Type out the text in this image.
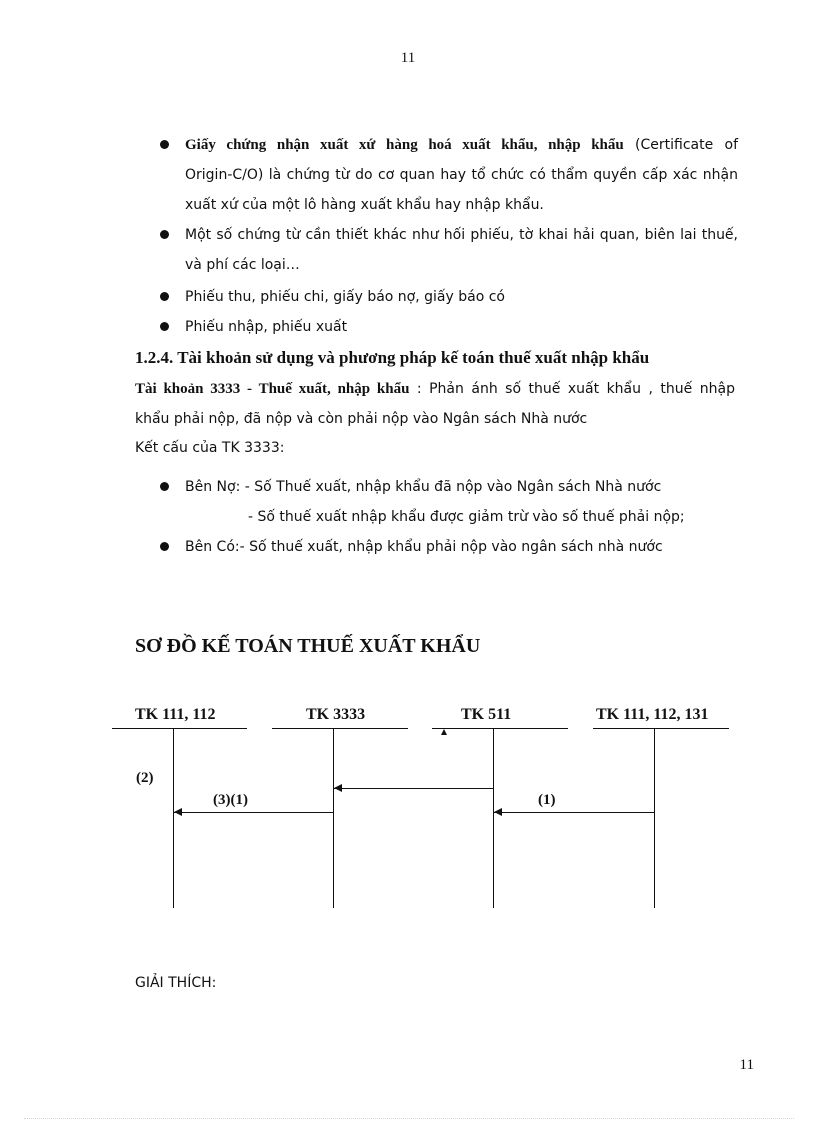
11
Giấy chứng nhận xuất xứ hàng hoá xuất khẩu, nhập khẩu (Certificate of
Origin-C/O) là chứng từ do cơ quan hay tổ chức có thẩm quyền cấp xác nhận
xuất xứ của một lô hàng xuất khẩu hay nhập khẩu.
Một số chứng từ cần thiết khác như hối phiếu, tờ khai hải quan, biên lai thuế,
và phí các loại…
Phiếu thu, phiếu chi, giấy báo nợ, giấy báo có
Phiếu nhập, phiếu xuất
1.2.4. Tài khoản sử dụng và phương pháp kế toán thuế xuất nhập khẩu
Tài khoản 3333 - Thuế xuất, nhập khẩu : Phản ánh số thuế xuất khẩu , thuế nhập
khẩu phải nộp, đã nộp và còn phải nộp vào Ngân sách Nhà nước
Kết cấu của TK 3333:
Bên Nợ: - Số Thuế xuất, nhập khẩu đã nộp vào Ngân sách Nhà nước
- Số thuế xuất nhập khẩu được giảm trừ vào số thuế phải nộp;
Bên Có:- Số thuế xuất, nhập khẩu phải nộp vào ngân sách nhà nước
SƠ ĐỒ KẾ TOÁN THUẾ XUẤT KHẨU
TK 111, 112	TK 3333	TK 511	TK 111, 112, 131
(2)
(3)(1)	(1)
GIẢI THÍCH:
11
